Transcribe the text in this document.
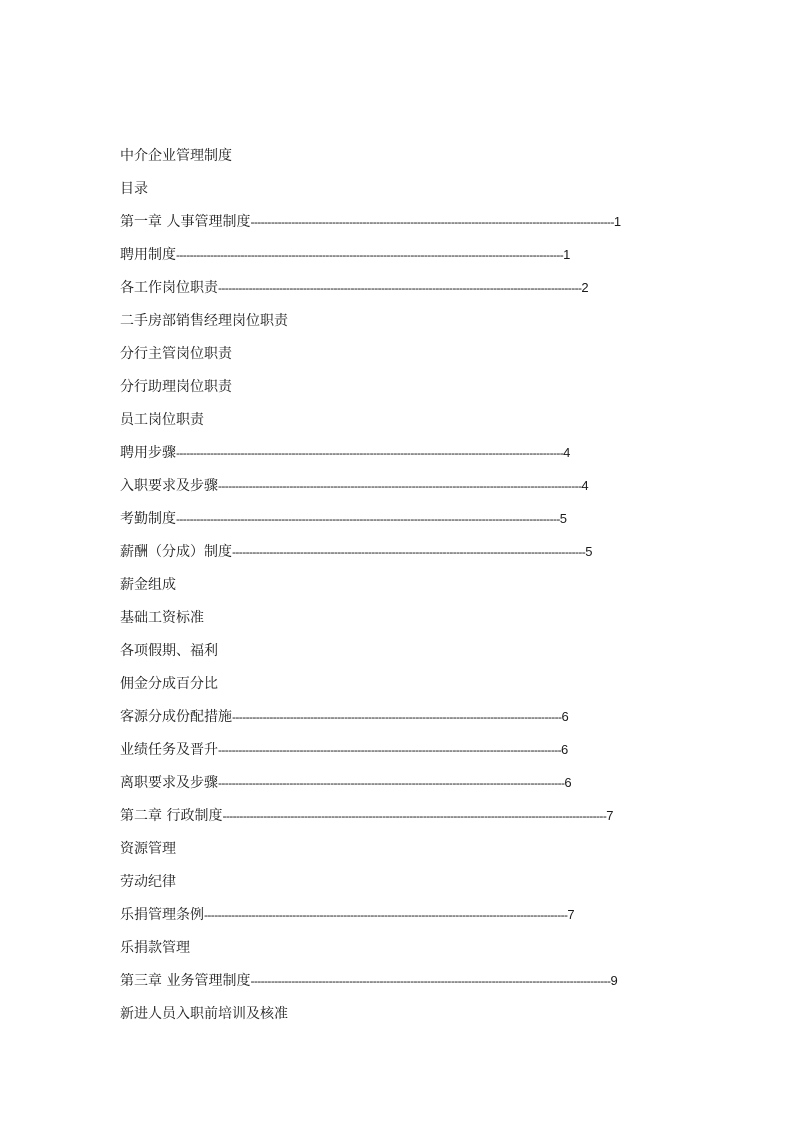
中介企业管理制度
目录
第一章 人事管理制度-----------------------------------------------------------------------------------------------------------1
聘用制度------------------------------------------------------------------------------------------------------------------1
各工作岗位职责-----------------------------------------------------------------------------------------------------------2
二手房部销售经理岗位职责
分行主管岗位职责
分行助理岗位职责
员工岗位职责
聘用步骤------------------------------------------------------------------------------------------------------------------4
入职要求及步骤-----------------------------------------------------------------------------------------------------------4
考勤制度-----------------------------------------------------------------------------------------------------------------5
薪酬（分成）制度--------------------------------------------------------------------------------------------------------5
薪金组成
基础工资标准
各项假期、福利
佣金分成百分比
客源分成份配措施-------------------------------------------------------------------------------------------------6
业绩任务及晋升-----------------------------------------------------------------------------------------------------6
离职要求及步骤------------------------------------------------------------------------------------------------------6
第二章 行政制度-----------------------------------------------------------------------------------------------------------------7
资源管理
劳动纪律
乐捐管理条例-----------------------------------------------------------------------------------------------------------7
乐捐款管理
第三章 业务管理制度----------------------------------------------------------------------------------------------------------9
新进人员入职前培训及核准
